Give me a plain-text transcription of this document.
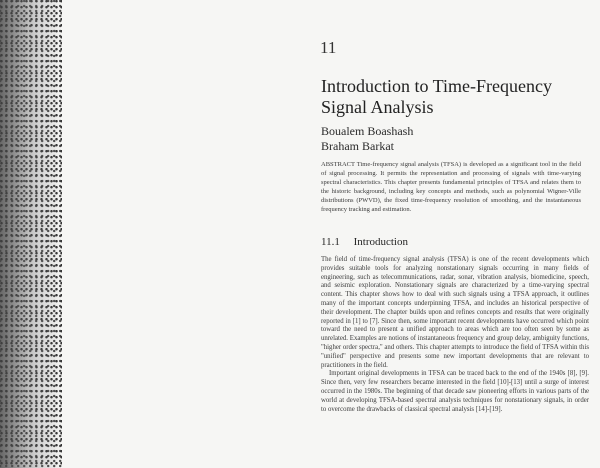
11
Introduction to Time-Frequency
Signal Analysis
Boualem Boashash
Braham Barkat
ABSTRACT Time-frequency signal analysis (TFSA) is developed as a significant tool in the field of signal processing. It permits the representation and processing of signals with time-varying spectral characteristics. This chapter presents fundamental principles of TFSA and relates them to the historic background, including key concepts and methods, such as polynomial Wigner-Ville distributions (PWVD), the fixed time-frequency resolution of smoothing, and the instantaneous frequency tracking and estimation.
11.1 Introduction

The field of time-frequency signal analysis (TFSA) is one of the recent developments which provides suitable tools for analyzing nonstationary signals occurring in many fields of engineering, such as telecommunications, radar, sonar, vibration analysis, biomedicine, speech, and seismic exploration. Nonstationary signals are characterized by a time-varying spectral content. This chapter shows how to deal with such signals using a TFSA approach, it outlines many of the important concepts underpinning TFSA, and includes an historical perspective of their development. The chapter builds upon and refines concepts and results that were originally reported in [1] to [7]. Since then, some important recent developments have occurred which point toward the need to present a unified approach to areas which are too often seen by some as unrelated. Examples are notions of instantaneous frequency and group delay, ambiguity functions, "higher order spectra," and others. This chapter attempts to introduce the field of TFSA within this "unified" perspective and presents some new important developments that are relevant to practitioners in the field.

Important original developments in TFSA can be traced back to the end of the 1940s [8], [9]. Since then, very few researchers became interested in the field [10]-[13] until a surge of interest occurred in the 1980s. The beginning of that decade saw pioneering efforts in various parts of the world at developing TFSA-based spectral analysis techniques for nonstationary signals, in order to overcome the drawbacks of classical spectral analysis [14]-[19].
